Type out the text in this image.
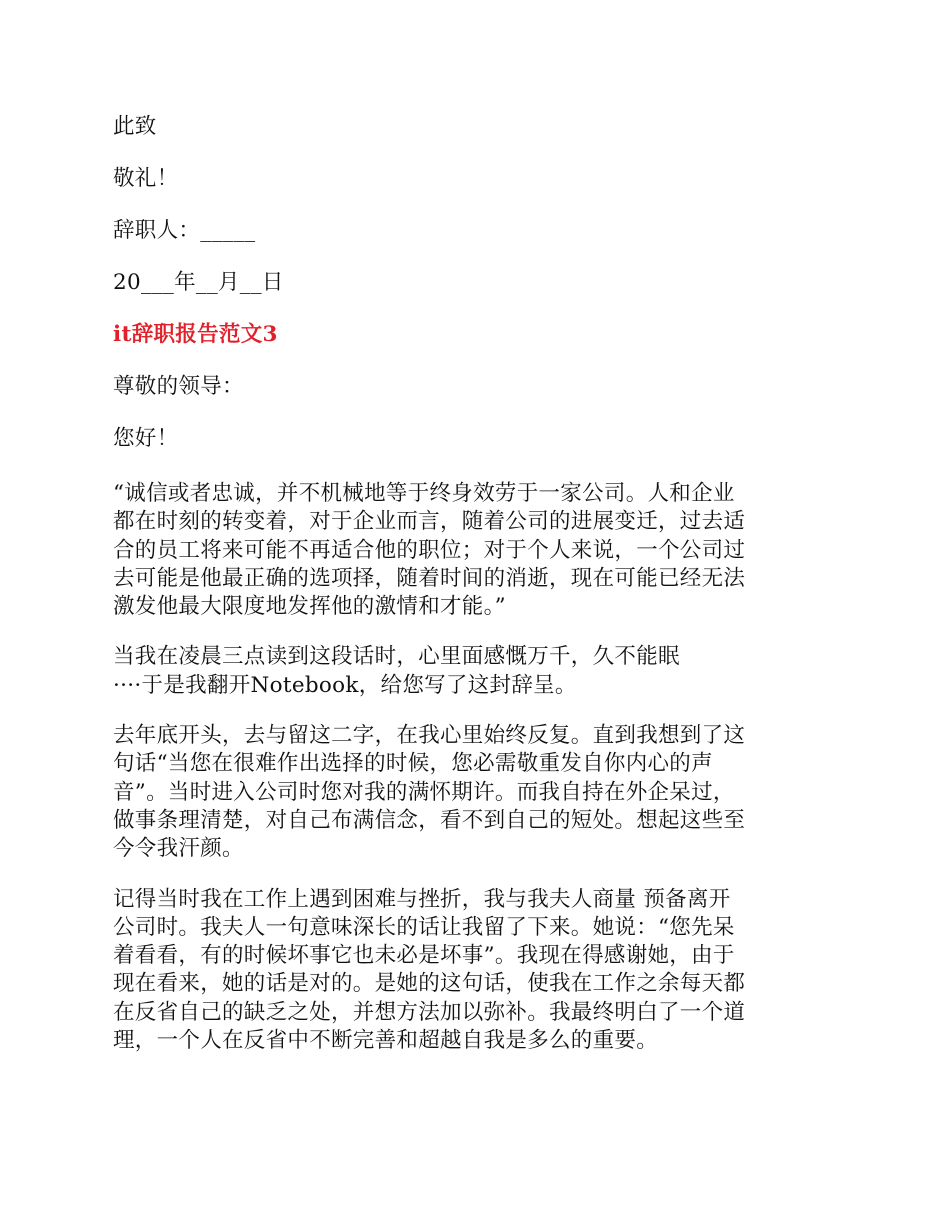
此致

敬礼！

辞职人：_____

20___年__月__日

it辞职报告范文3

尊敬的领导：

您好！

“诚信或者忠诚，并不机械地等于终身效劳于一家公司。人和企业

都在时刻的转变着，对于企业而言，随着公司的进展变迁，过去适

合的员工将来可能不再适合他的职位；对于个人来说，一个公司过

去可能是他最正确的选项择，随着时间的消逝，现在可能已经无法

激发他最大限度地发挥他的激情和才能。”

当我在凌晨三点读到这段话时，心里面感慨万千，久不能眠

····于是我翻开Notebook，给您写了这封辞呈。

去年底开头，去与留这二字，在我心里始终反复。直到我想到了这

句话“当您在很难作出选择的时候，您必需敬重发自你内心的声

音”。当时进入公司时您对我的满怀期许。而我自持在外企呆过，

做事条理清楚，对自己布满信念，看不到自己的短处。想起这些至

今令我汗颜。

记得当时我在工作上遇到困难与挫折，我与我夫人商量 预备离开

公司时。我夫人一句意味深长的话让我留了下来。她说：“您先呆

着看看，有的时候坏事它也未必是坏事”。我现在得感谢她，由于

现在看来，她的话是对的。是她的这句话，使我在工作之余每天都

在反省自己的缺乏之处，并想方法加以弥补。我最终明白了一个道

理，一个人在反省中不断完善和超越自我是多么的重要。
